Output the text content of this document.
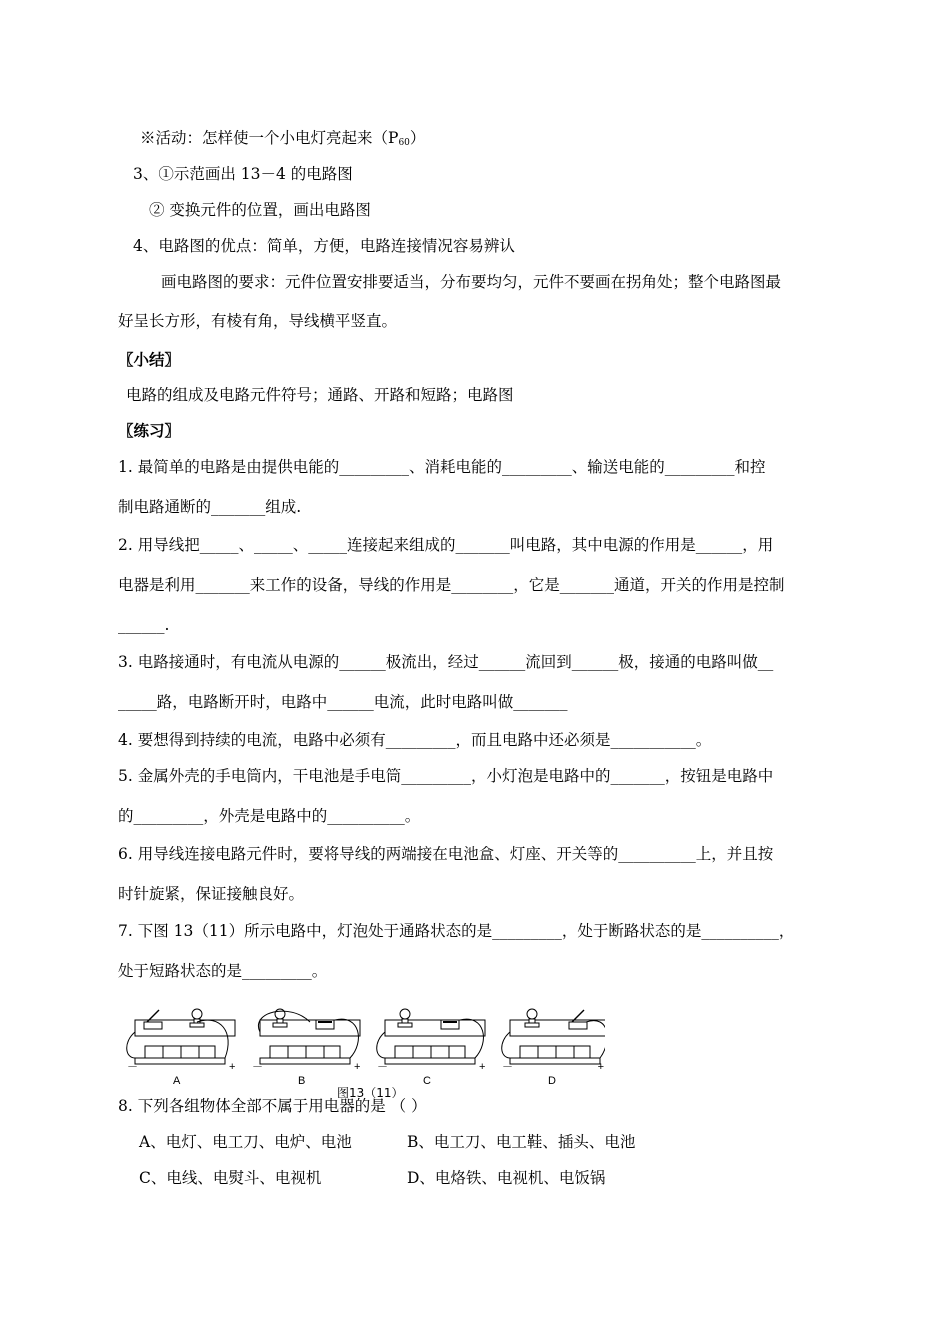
※活动：怎样使一个小电灯亮起来$(P_{60})$
3、①示范画出 13－4 的电路图
② 变换元件的位置，画出电路图
4、电路图的优点：简单，方便，电路连接情况容易辨认
画电路图的要求：元件位置安排要适当，分布要均匀，元件不要画在拐角处；整个电路图最
好呈长方形，有棱有角，导线横平竖直。
〖小结〗
电路的组成及电路元件符号；通路、开路和短路；电路图
〖练习〗
1. 最简单的电路是由提供电能的_________、消耗电能的_________、输送电能的_________和控
制电路通断的_______组成.
2. 用导线把_____、_____、_____连接起来组成的_______叫电路，其中电源的作用是______，用
电器是利用_______来工作的设备，导线的作用是________，它是_______通道，开关的作用是控制
______.
3. 电路接通时，有电流从电源的______极流出，经过______流回到______极，接通的电路叫做__
_____路，电路断开时，电路中______电流，此时电路叫做_______
4. 要想得到持续的电流，电路中必须有_________，而且电路中还必须是___________。
5. 金属外壳的手电筒内，干电池是手电筒_________，小灯泡是电路中的_______，按钮是电路中
的_________，外壳是电路中的__________。
6. 用导线连接电路元件时，要将导线的两端接在电池盒、灯座、开关等的__________上，并且按
时针旋紧，保证接触良好。
7. 下图 13（11）所示电路中，灯泡处于通路状态的是_________，处于断路状态的是__________，
处于短路状态的是_________。
－	+ －	+ －	+ －	+
A	B	C	D
图13（11）
8. 下列各组物体全部不属于用电器的是 （ ）
A、电灯、电工刀、电炉、电池	B、电工刀、电工鞋、插头、电池
C、电线、电熨斗、电视机	D、电烙铁、电视机、电饭锅
